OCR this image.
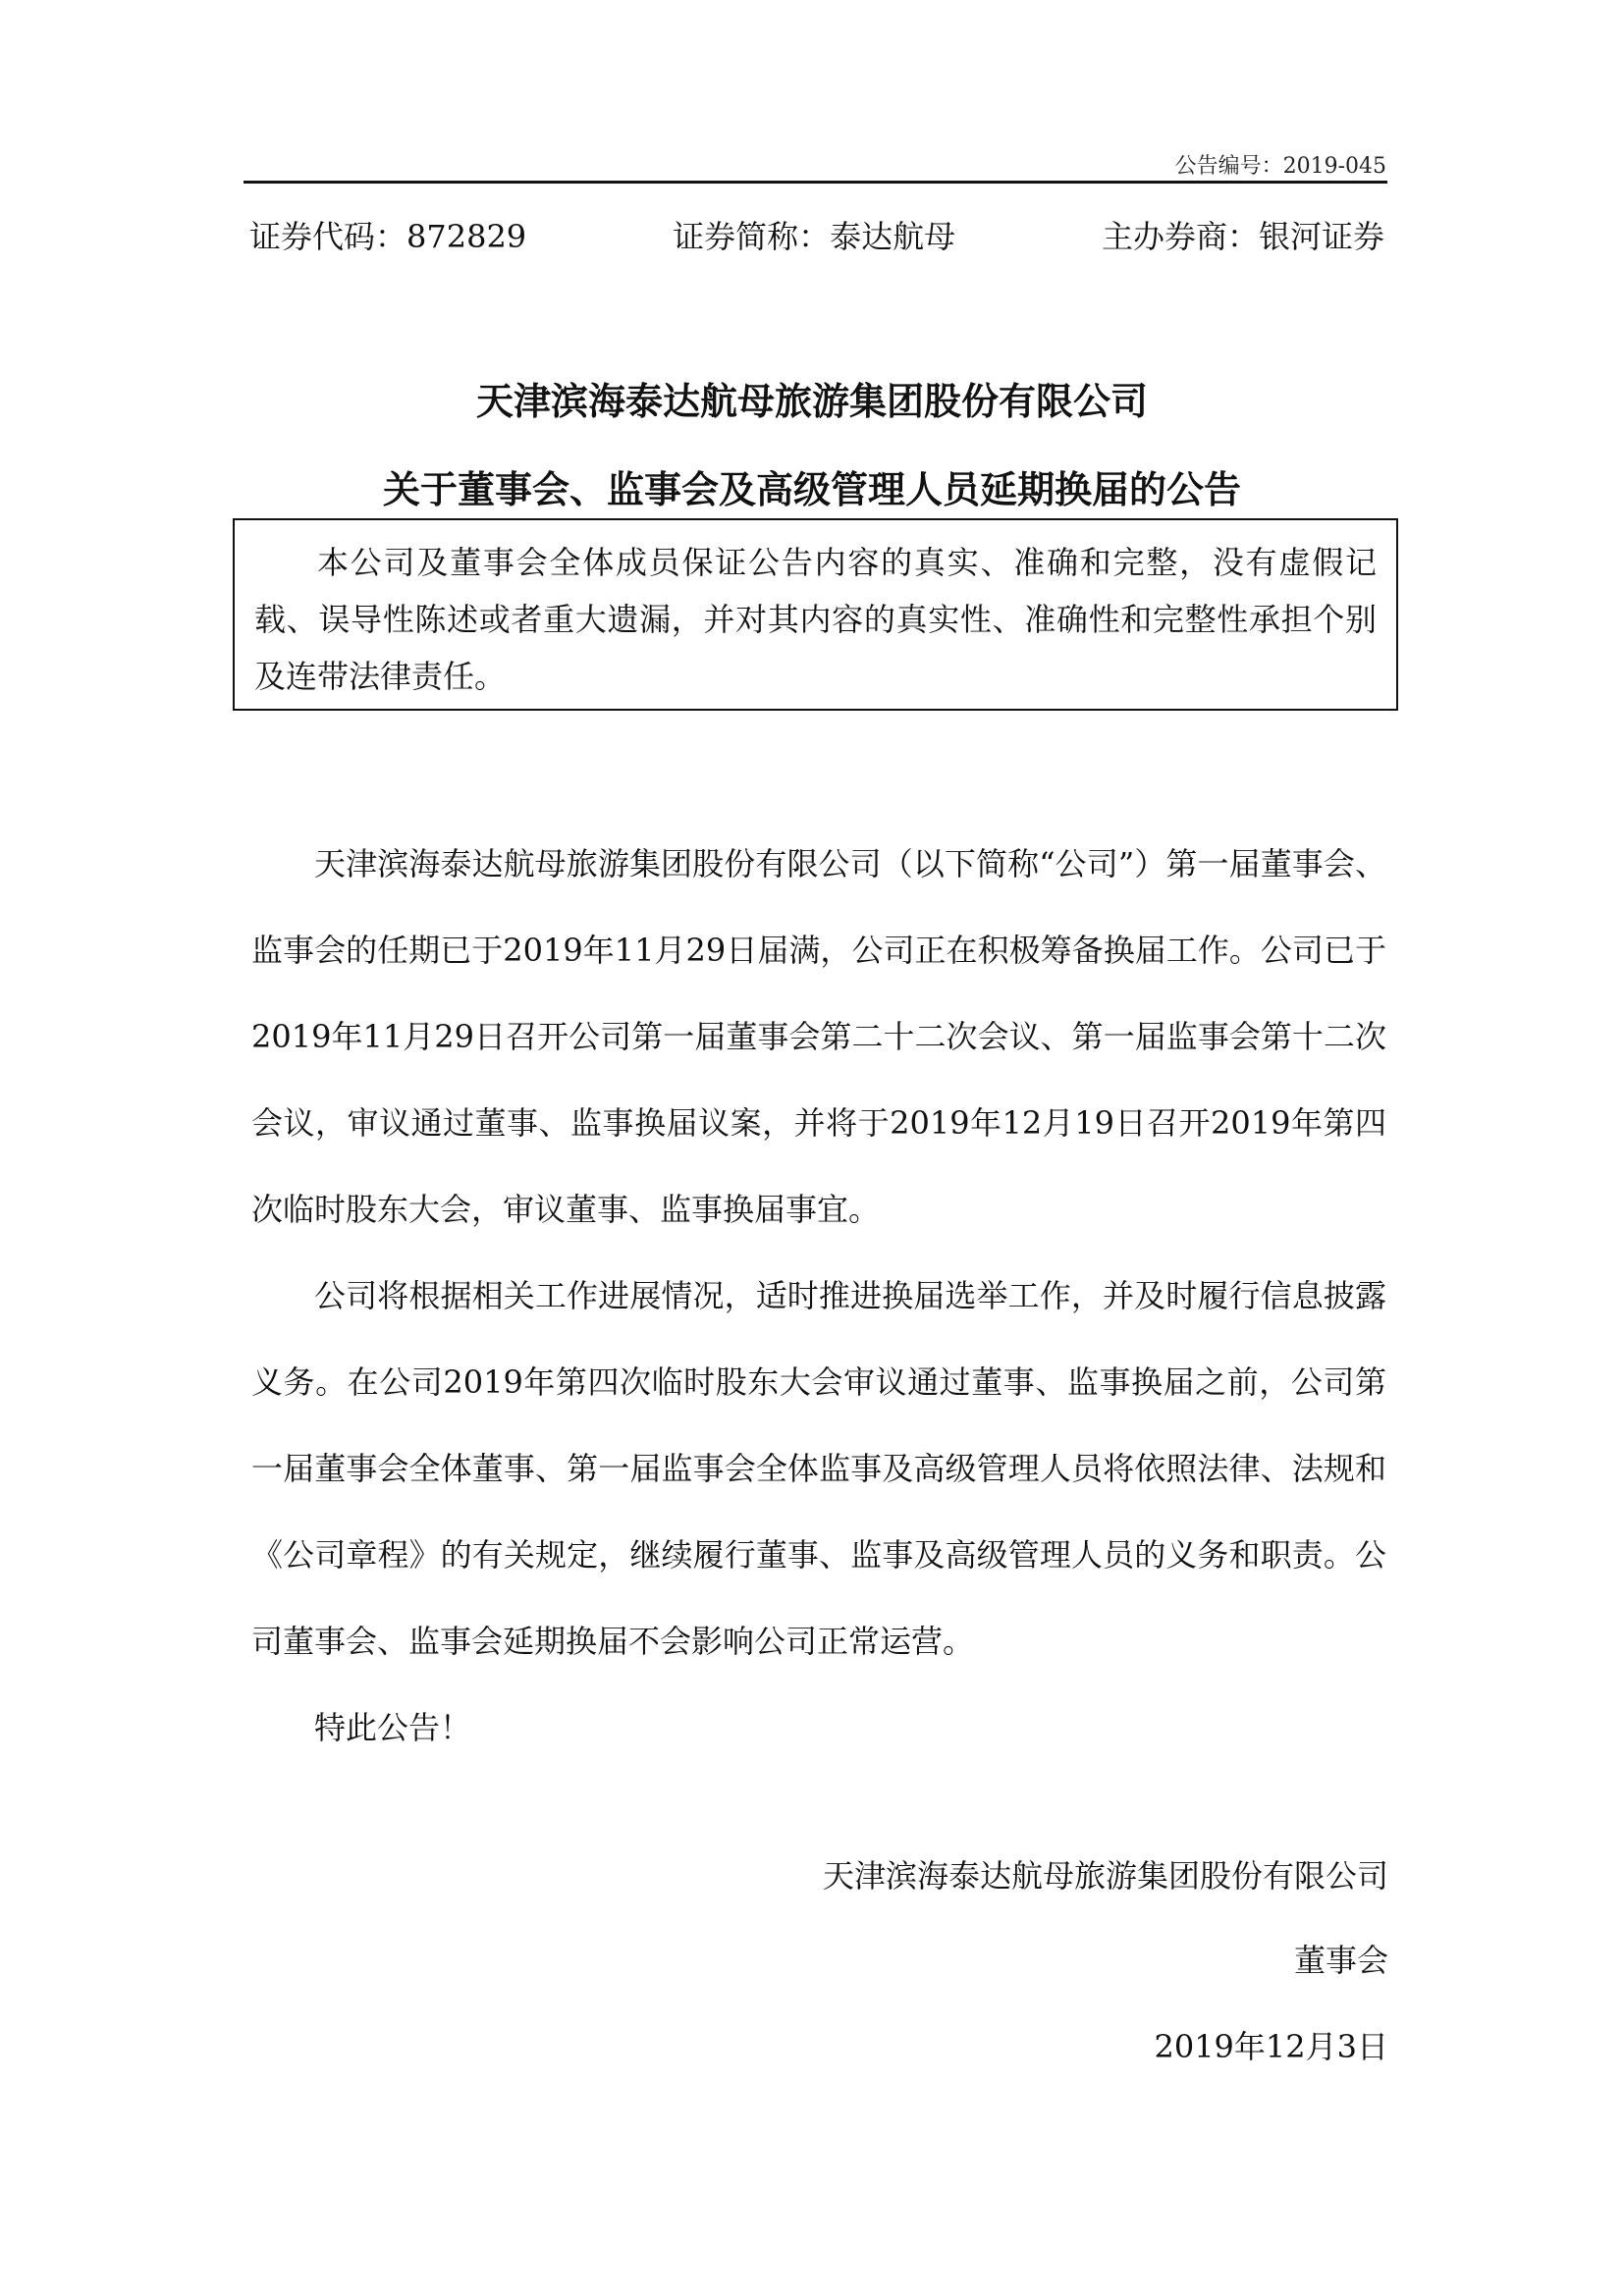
公告编号：2019-045
证券代码：872829	证券简称：泰达航母	主办券商：银河证券
天津滨海泰达航母旅游集团股份有限公司
关于董事会、监事会及高级管理人员延期换届的公告

本公司及董事会全体成员保证公告内容的真实、准确和完整，没有虚假记载、误导性陈述或者重大遗漏，并对其内容的真实性、准确性和完整性承担个别及连带法律责任。

天津滨海泰达航母旅游集团股份有限公司（以下简称“公司”）第一届董事会、监事会的任期已于2019年11月29日届满，公司正在积极筹备换届工作。公司已于2019年11月29日召开公司第一届董事会第二十二次会议、第一届监事会第十二次会议，审议通过董事、监事换届议案，并将于2019年12月19日召开2019年第四次临时股东大会，审议董事、监事换届事宜。

公司将根据相关工作进展情况，适时推进换届选举工作，并及时履行信息披露义务。在公司2019年第四次临时股东大会审议通过董事、监事换届之前，公司第一届董事会全体董事、第一届监事会全体监事及高级管理人员将依照法律、法规和《公司章程》的有关规定，继续履行董事、监事及高级管理人员的义务和职责。公司董事会、监事会延期换届不会影响公司正常运营。

特此公告！

天津滨海泰达航母旅游集团股份有限公司
董事会
2019年12月3日
